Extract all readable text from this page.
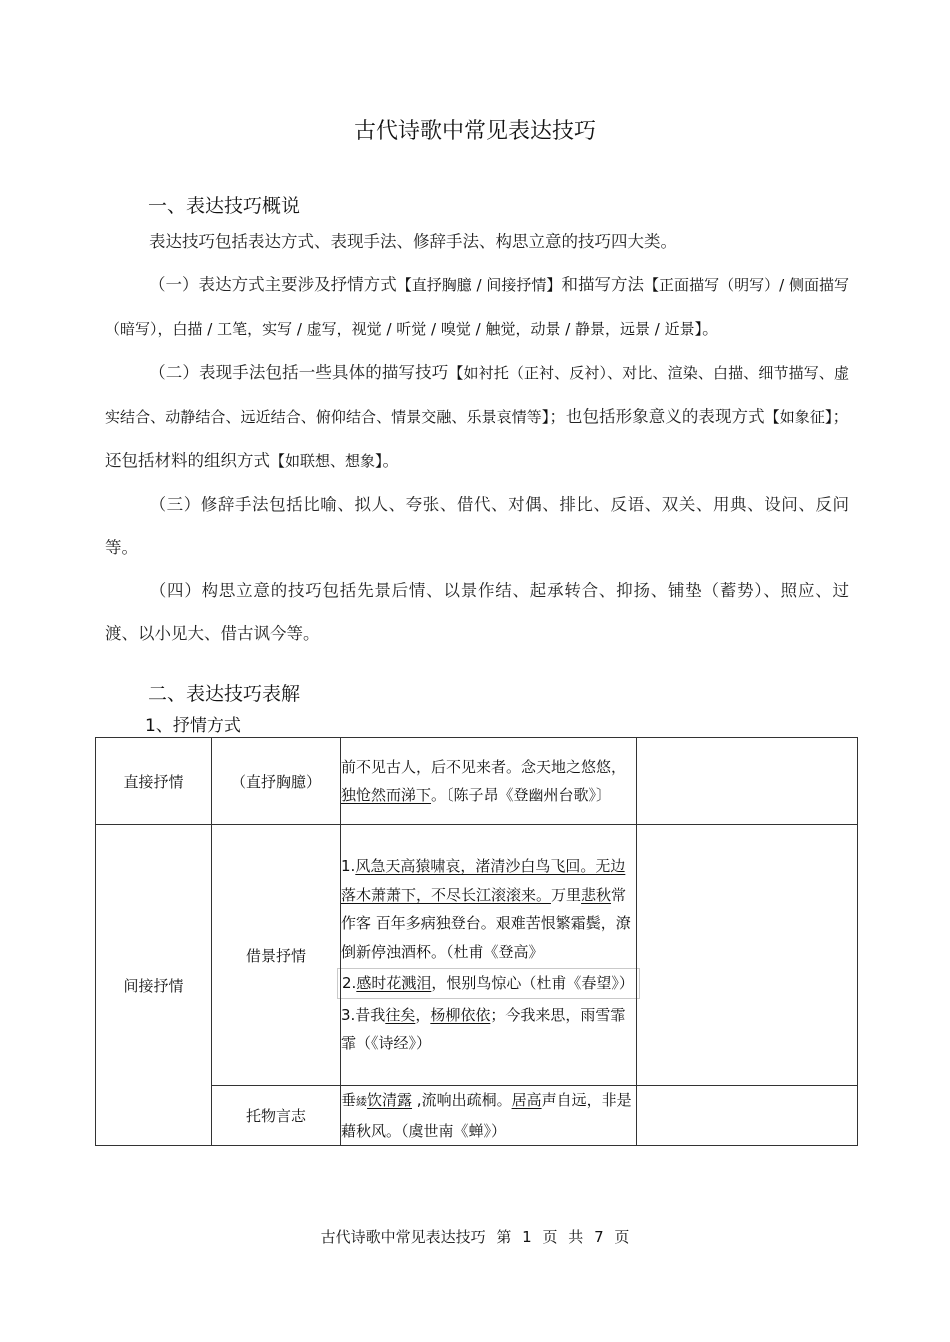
古代诗歌中常见表达技巧
一、表达技巧概说
表达技巧包括表达方式、表现手法、修辞手法、构思立意的技巧四大类。
（一）表达方式主要涉及抒情方式【直抒胸臆 / 间接抒情】和描写方法【正面描写（明写）/ 侧面描写（暗写），白描 / 工笔，实写 / 虚写，视觉 / 听觉 / 嗅觉 / 触觉，动景 / 静景，远景 / 近景】。
（二）表现手法包括一些具体的描写技巧【如衬托（正衬、反衬）、对比、渲染、白描、细节描写、虚实结合、动静结合、远近结合、俯仰结合、情景交融、乐景哀情等】；也包括形象意义的表现方式【如象征】；还包括材料的组织方式【如联想、想象】。
（三）修辞手法包括比喻、拟人、夸张、借代、对偶、排比、反语、双关、用典、设问、反问等。
（四）构思立意的技巧包括先景后情、以景作结、起承转合、抑扬、铺垫（蓄势）、照应、过渡、以小见大、借古讽今等。
二、表达技巧表解
1、抒情方式
直接抒情	（直抒胸臆）	前不见古人，后不见来者。念天地之悠悠，独怆然而涕下。〔陈子昂《登幽州台歌》〕	
间接抒情	借景抒情	1.风急天高猿啸哀，渚清沙白鸟飞回。无边落木萧萧下，不尽长江滚滚来。万里悲秋常作客 百年多病独登台。艰难苦恨繁霜鬓，潦倒新停浊酒杯。（杜甫《登高》
2.感时花溅泪，恨别鸟惊心（杜甫《春望》）
3.昔我往矣，杨柳依依；今我来思，雨雪霏霏（《诗经》）	

	托物言志	垂緌饮清露 ,流响出疏桐。居高声自远，非是藉秋风。（虞世南《蝉》）	
古代诗歌中常见表达技巧 第 1 页 共 7 页
